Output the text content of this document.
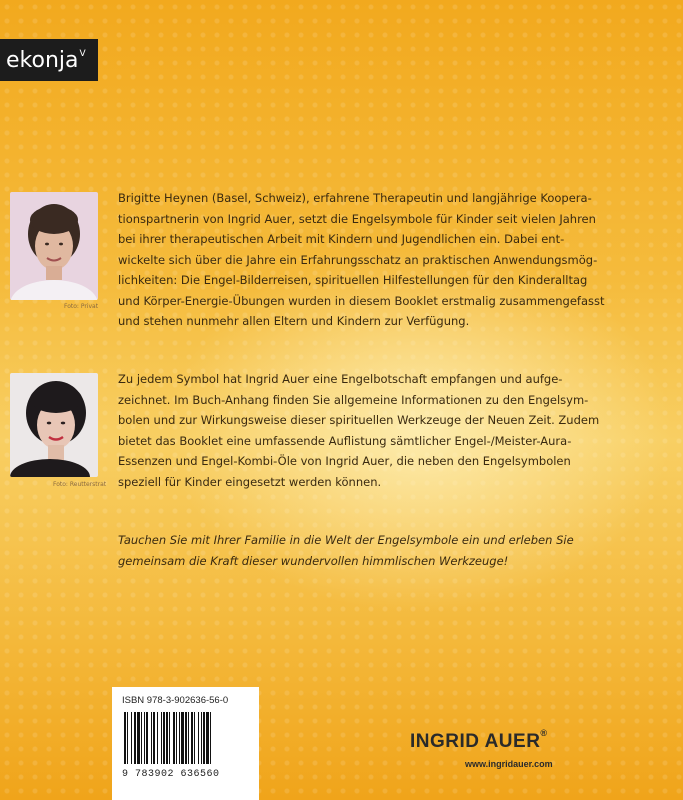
ekonja$^V$
Foto: Privat
Foto: Reutterstrat

Brigitte Heynen (Basel, Schweiz), erfahrene Therapeutin und langjährige Koopera-
tionspartnerin von Ingrid Auer, setzt die Engelsymbole für Kinder seit vielen Jahren
bei ihrer therapeutischen Arbeit mit Kindern und Jugendlichen ein. Dabei ent-
wickelte sich über die Jahre ein Erfahrungsschatz an praktischen Anwendungsmög-
lichkeiten: Die Engel-Bilderreisen, spirituellen Hilfestellungen für den Kinderalltag
und Körper-Energie-Übungen wurden in diesem Booklet erstmalig zusammengefasst
und stehen nunmehr allen Eltern und Kindern zur Verfügung.

Zu jedem Symbol hat Ingrid Auer eine Engelbotschaft empfangen und aufge-
zeichnet. Im Buch-Anhang finden Sie allgemeine Informationen zu den Engelsym-
bolen und zur Wirkungsweise dieser spirituellen Werkzeuge der Neuen Zeit. Zudem
bietet das Booklet eine umfassende Auflistung sämtlicher Engel-/Meister-Aura-
Essenzen und Engel-Kombi-Öle von Ingrid Auer, die neben den Engelsymbolen
speziell für Kinder eingesetzt werden können.

Tauchen Sie mit Ihrer Familie in die Welt der Engelsymbole ein und erleben Sie
gemeinsam die Kraft dieser wundervollen himmlischen Werkzeuge!

ISBN 978-3-902636-56-0
9 783902 636560
INGRID AUER®
www.ingridauer.com
